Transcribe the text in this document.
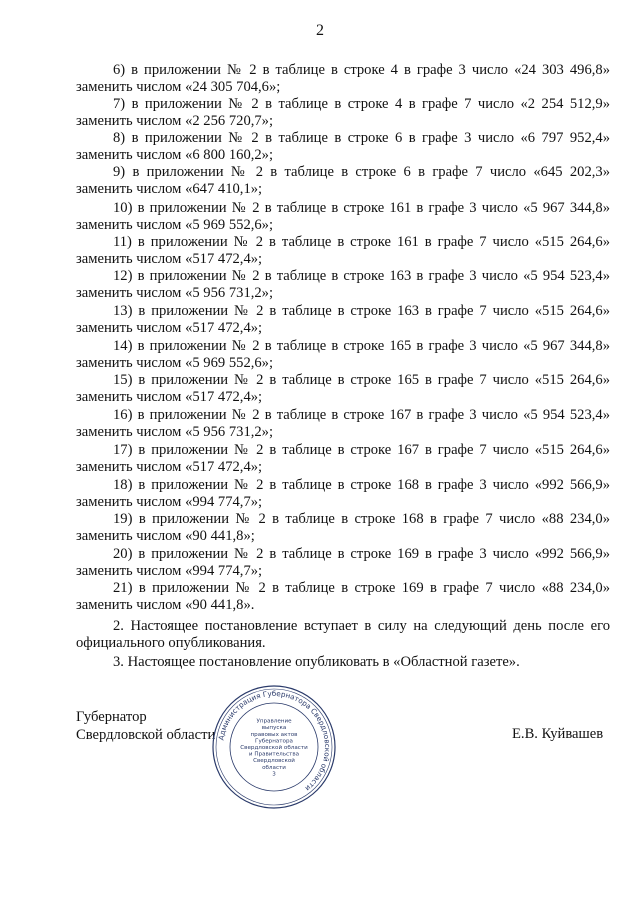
2
6) в приложении № 2 в таблице в строке 4 в графе 3 число «24 303 496,8»
заменить числом «24 305 704,6»;
7) в приложении № 2 в таблице в строке 4 в графе 7 число «2 254 512,9»
заменить числом «2 256 720,7»;
8) в приложении № 2 в таблице в строке 6 в графе 3 число «6 797 952,4»
заменить числом «6 800 160,2»;
9) в приложении № 2 в таблице в строке 6 в графе 7 число «645 202,3»
заменить числом «647 410,1»;
10) в приложении № 2 в таблице в строке 161 в графе 3 число «5 967 344,8»
заменить числом «5 969 552,6»;
11) в приложении № 2 в таблице в строке 161 в графе 7 число «515 264,6»
заменить числом «517 472,4»;
12) в приложении № 2 в таблице в строке 163 в графе 3 число «5 954 523,4»
заменить числом «5 956 731,2»;
13) в приложении № 2 в таблице в строке 163 в графе 7 число «515 264,6»
заменить числом «517 472,4»;
14) в приложении № 2 в таблице в строке 165 в графе 3 число «5 967 344,8»
заменить числом «5 969 552,6»;
15) в приложении № 2 в таблице в строке 165 в графе 7 число «515 264,6»
заменить числом «517 472,4»;
16) в приложении № 2 в таблице в строке 167 в графе 3 число «5 954 523,4»
заменить числом «5 956 731,2»;
17) в приложении № 2 в таблице в строке 167 в графе 7 число «515 264,6»
заменить числом «517 472,4»;
18) в приложении № 2 в таблице в строке 168 в графе 3 число «992 566,9»
заменить числом «994 774,7»;
19) в приложении № 2 в таблице в строке 168 в графе 7 число «88 234,0»
заменить числом «90 441,8»;
20) в приложении № 2 в таблице в строке 169 в графе 3 число «992 566,9»
заменить числом «994 774,7»;
21) в приложении № 2 в таблице в строке 169 в графе 7 число «88 234,0»
заменить числом «90 441,8».
2. Настоящее постановление вступает в силу на следующий день после его
официального опубликования.
3. Настоящее постановление опубликовать в «Областной газете».
Губернатор
Свердловской области	Е.В. Куйвашев
Администрация Губернатора Свердловской области
Управление
выпуска
правовых актов
Губернатора
Свердловской области
и Правительства
Свердловской
области
3
